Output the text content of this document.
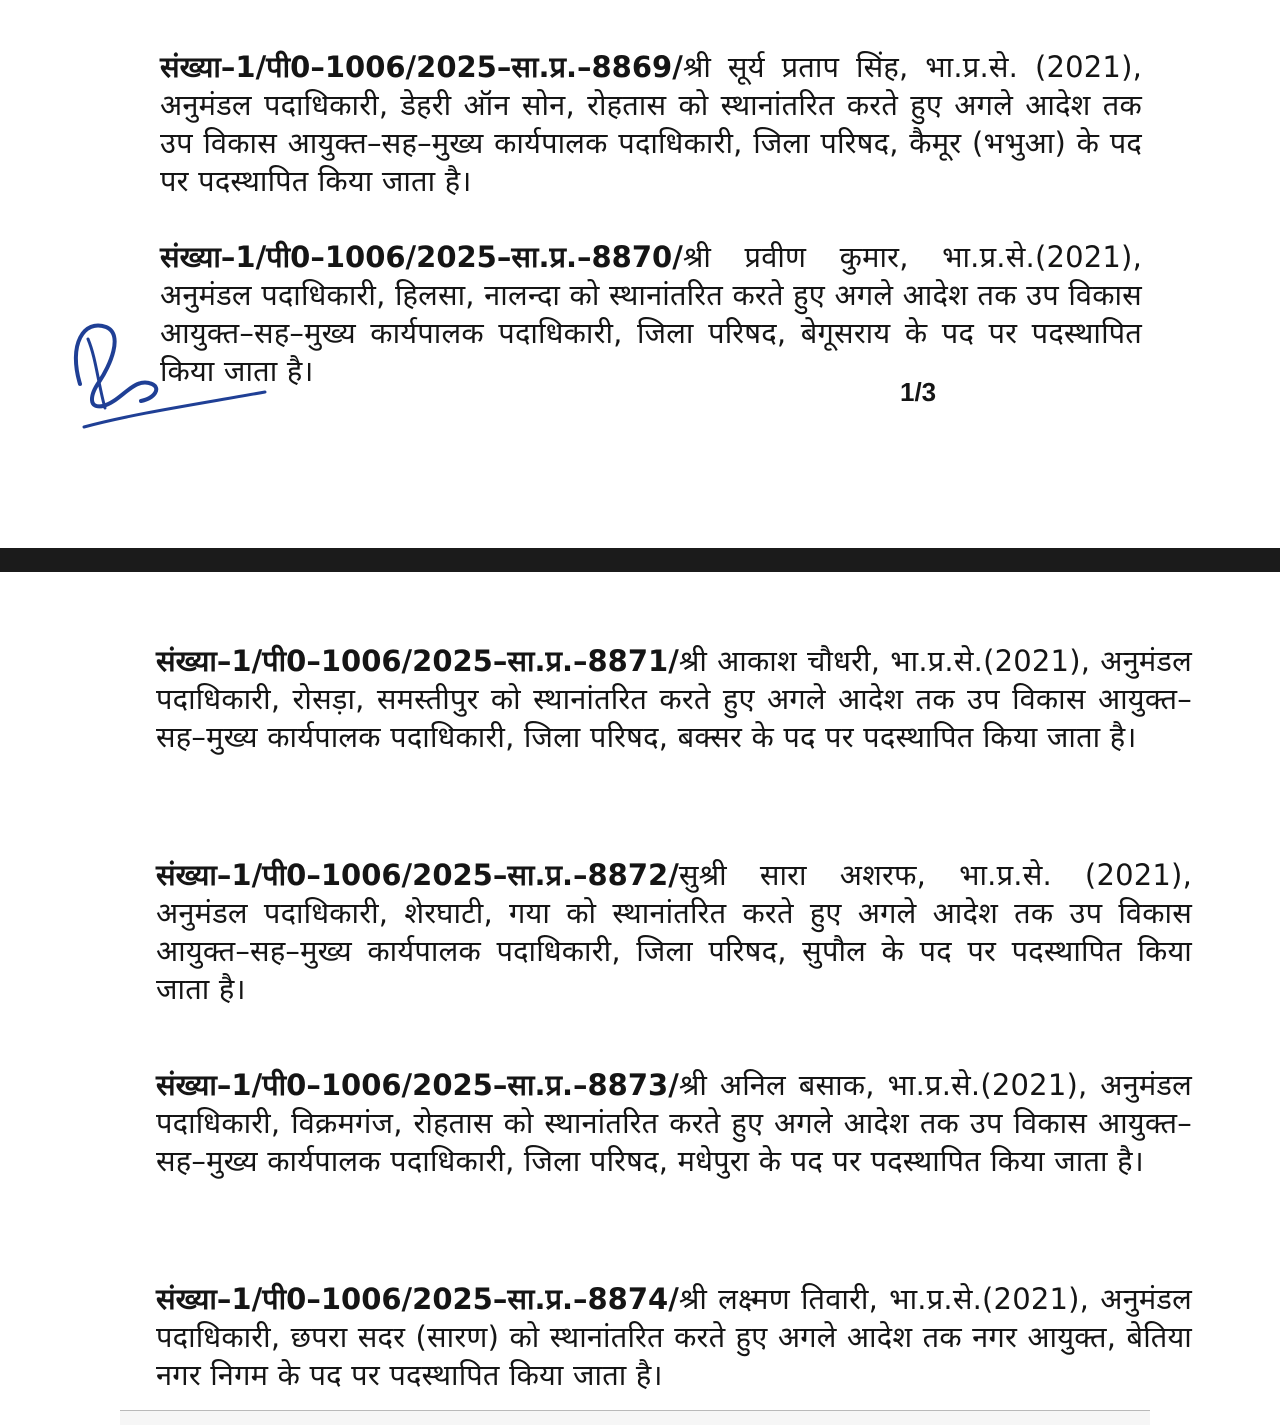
संख्या–1/पी0–1006/2025–सा.प्र.–8869/श्री सूर्य प्रताप सिंह, भा.प्र.से. (2021), अनुमंडल पदाधिकारी, डेहरी ऑन सोन, रोहतास को स्थानांतरित करते हुए अगले आदेश तक उप विकास आयुक्त–सह–मुख्य कार्यपालक पदाधिकारी, जिला परिषद, कैमूर (भभुआ) के पद पर पदस्थापित किया जाता है।

संख्या–1/पी0–1006/2025–सा.प्र.–8870/श्री प्रवीण कुमार, भा.प्र.से.(2021), अनुमंडल पदाधिकारी, हिलसा, नालन्दा को स्थानांतरित करते हुए अगले आदेश तक उप विकास आयुक्त–सह–मुख्य कार्यपालक पदाधिकारी, जिला परिषद, बेगूसराय के पद पर पदस्थापित किया जाता है।

1/3

संख्या–1/पी0–1006/2025–सा.प्र.–8871/श्री आकाश चौधरी, भा.प्र.से.(2021), अनुमंडल पदाधिकारी, रोसड़ा, समस्तीपुर को स्थानांतरित करते हुए अगले आदेश तक उप विकास आयुक्त–सह–मुख्य कार्यपालक पदाधिकारी, जिला परिषद, बक्सर के पद पर पदस्थापित किया जाता है।

संख्या–1/पी0–1006/2025–सा.प्र.–8872/सुश्री सारा अशरफ, भा.प्र.से. (2021), अनुमंडल पदाधिकारी, शेरघाटी, गया को स्थानांतरित करते हुए अगले आदेश तक उप विकास आयुक्त–सह–मुख्य कार्यपालक पदाधिकारी, जिला परिषद, सुपौल के पद पर पदस्थापित किया जाता है।

संख्या–1/पी0–1006/2025–सा.प्र.–8873/श्री अनिल बसाक, भा.प्र.से.(2021), अनुमंडल पदाधिकारी, विक्रमगंज, रोहतास को स्थानांतरित करते हुए अगले आदेश तक उप विकास आयुक्त–सह–मुख्य कार्यपालक पदाधिकारी, जिला परिषद, मधेपुरा के पद पर पदस्थापित किया जाता है।

संख्या–1/पी0–1006/2025–सा.प्र.–8874/श्री लक्ष्मण तिवारी, भा.प्र.से.(2021), अनुमंडल पदाधिकारी, छपरा सदर (सारण) को स्थानांतरित करते हुए अगले आदेश तक नगर आयुक्त, बेतिया नगर निगम के पद पर पदस्थापित किया जाता है।
